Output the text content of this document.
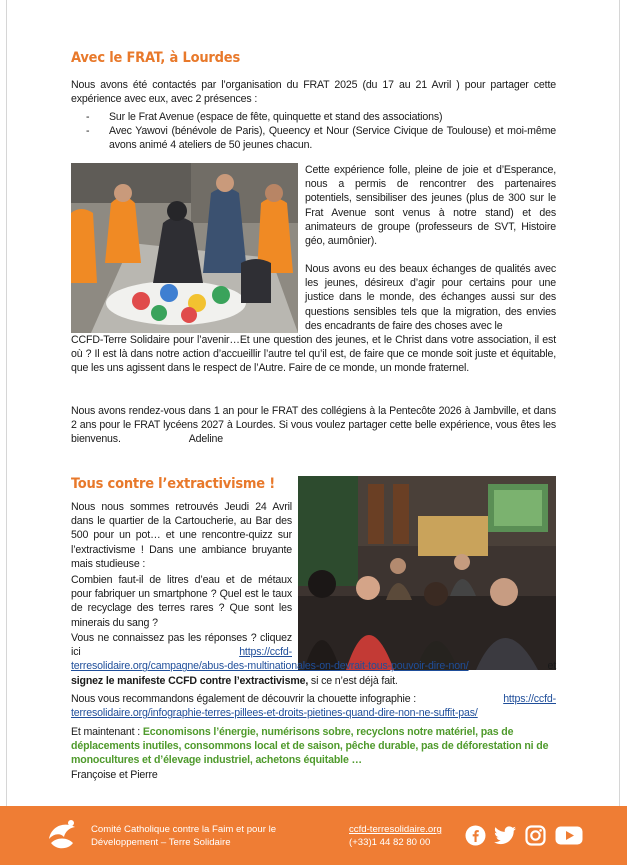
Avec le FRAT, à Lourdes
Nous avons été contactés par l’organisation du FRAT 2025 (du 17 au 21 Avril ) pour partager cette expérience avec eux, avec 2 présences :
- Sur le Frat Avenue (espace de fête, quinquette et stand des associations)
- Avec Yawovi (bénévole de Paris), Queency et Nour (Service Civique de Toulouse) et moi-même avons animé 4 ateliers de 50 jeunes chacun.
Cette expérience folle, pleine de joie et d’Esperance, nous a permis de rencontrer des partenaires potentiels, sensibiliser des jeunes (plus de 300 sur le Frat Avenue sont venus à notre stand) et des animateurs de groupe (professeurs de SVT, Histoire géo, aumônier).
Nous avons eu des beaux échanges de qualités avec les jeunes, désireux d’agir pour certains pour une justice dans le monde, des échanges aussi sur des questions sensibles tels que la migration, des envies des encadrants de faire des choses avec le
CCFD-Terre Solidaire pour l’avenir…Et une question des jeunes, et le Christ dans votre association, il est où ? Il est là dans notre action d’accueillir l’autre tel qu’il est, de faire que ce monde soit juste et équitable, que les uns agissent dans le respect de l’Autre. Faire de ce monde, un monde fraternel.
Nous avons rendez-vous dans 1 an pour le FRAT des collégiens à la Pentecôte 2026 à Jambville, et dans 2 ans pour le FRAT lycéens 2027 à Lourdes. Si vous voulez partager cette belle expérience, vous êtes les bienvenus.	Adeline
Tous contre l’extractivisme !
Nous nous sommes retrouvés Jeudi 24 Avril dans le quartier de la Cartoucherie, au Bar des 500 pour un pot… et une rencontre-quizz sur l’extractivisme ! Dans une ambiance bruyante mais studieuse :
Combien faut-il de litres d’eau et de métaux pour fabriquer un smartphone ? Quel est le taux de recyclage des terres rares ? Que sont les minerais du sang ?
Vous ne connaissez pas les réponses ? cliquez ici	https://ccfd-
terresolidaire.org/campagne/abus-des-multinationales-on-devrait-tous-pouvoir-dire-non/	et
signez le manifeste CCFD contre l’extractivisme, si ce n’est déjà fait.
Nous vous recommandons également de découvrir la chouette infographie :	https://ccfd-
terresolidaire.org/infographie-terres-pillees-et-droits-pietines-quand-dire-non-ne-suffit-pas/
Et maintenant : Economisons l’énergie, numérisons sobre, recyclons notre matériel, pas de déplacements inutiles, consommons local et de saison, pêche durable, pas de déforestation ni de monocultures et d’élevage industriel, achetons équitable …
Françoise et Pierre
Comité Catholique contre la Faim et pour le
Développement – Terre Solidaire
ccfd-terresolidaire.org
(+33)1 44 82 80 00
